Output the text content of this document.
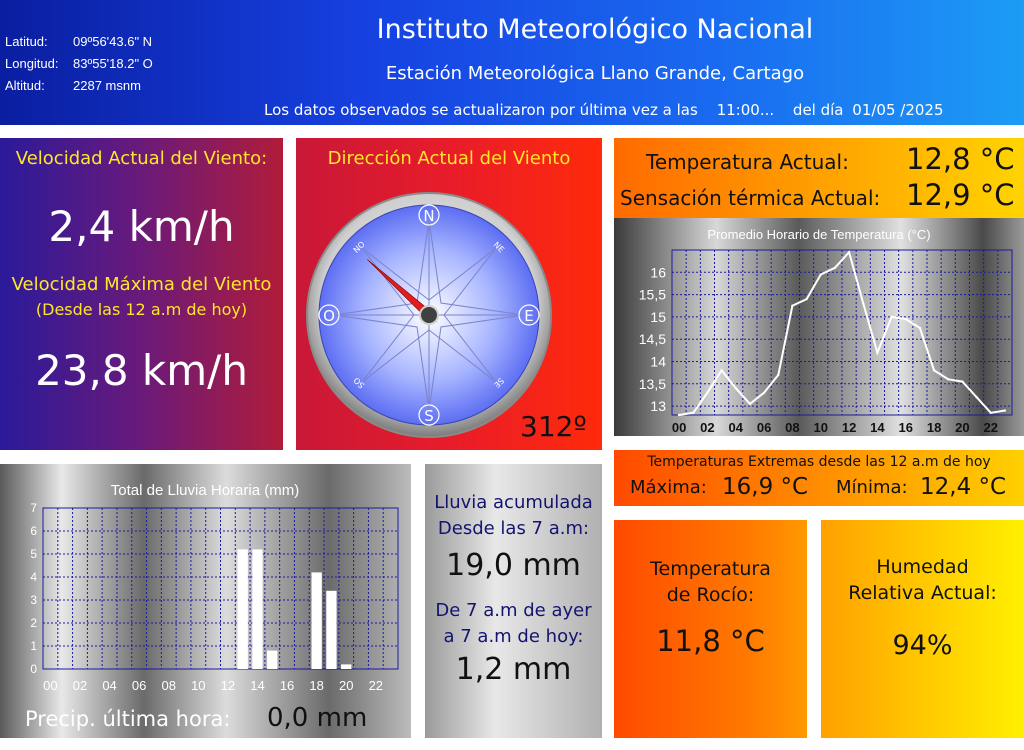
Latitud: 09º56'43.6" N
Longitud: 83º55'18.2" O
Altitud: 2287 msnm
Instituto Meteorológico Nacional
Estación Meteorológica Llano Grande, Cartago
Los datos observados se actualizaron por última vez a las 11:00... del día 01/05 /2025
Velocidad Actual del Viento:
2,4 km/h
Velocidad Máxima del Viento
(Desde las 12 a.m de hoy)
23,8 km/h
Dirección Actual del Viento
N
S
O	E
NE
SE
SO
NO
312º
Temperatura Actual: 12,8 °C
Sensación térmica Actual: 12,9 °C
Promedio Horario de Temperatura (°C)
13
13,5
14
14,5
15
15,5
16
00 02 04 06 08 10 12 14 16 18 20 22
Temperaturas Extremas desde las 12 a.m de hoy
Máxima: 16,9 °C Mínima: 12,4 °C
Total de Lluvia Horaria (mm)
0
1
2
3
4
5
6
7
00 02 04 06 08 10 12 14 16 18 20 22
Precip. última hora: 0,0 mm
Lluvia acumulada
Desde las 7 a.m:
19,0 mm
De 7 a.m de ayer
a 7 a.m de hoy:
1,2 mm
Temperatura
de Rocío:
11,8 °C
Humedad
Relativa Actual:
94%
